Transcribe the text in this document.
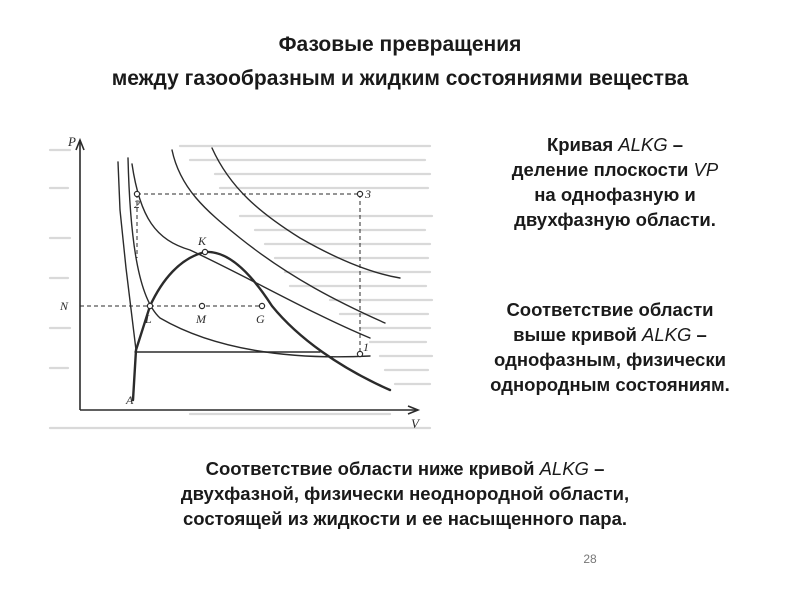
Фазовые превращения
между газообразным и жидким состояниями вещества
P
V
A
L
K
G
M
N
1
2
3
Кривая ALKG –
деление плоскости VP
на однофазную и
двухфазную области.
Соответствие области
выше кривой ALKG –
однофазным, физически
однородным состояниям.
Соответствие области ниже кривой ALKG –
двухфазной, физически неоднородной области,
состоящей из жидкости и ее насыщенного пара.
28
